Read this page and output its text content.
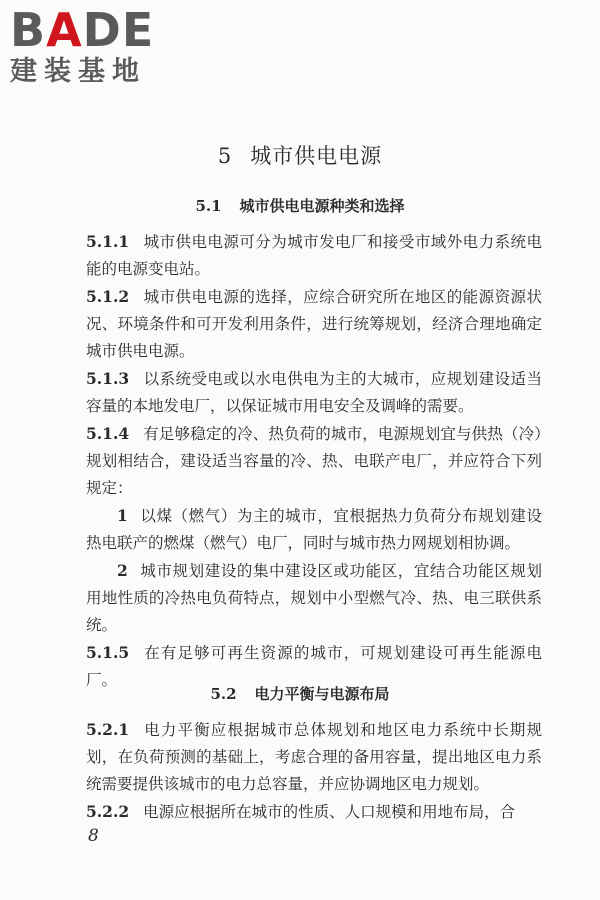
BADE
建装基地
5 城市供电电源
5.1 城市供电电源种类和选择

5.1.1 城市供电电源可分为城市发电厂和接受市域外电力系统电能的电源变电站。

5.1.2 城市供电电源的选择，应综合研究所在地区的能源资源状况、环境条件和可开发利用条件，进行统筹规划，经济合理地确定城市供电电源。

5.1.3 以系统受电或以水电供电为主的大城市，应规划建设适当容量的本地发电厂，以保证城市用电安全及调峰的需要。

5.1.4 有足够稳定的冷、热负荷的城市，电源规划宜与供热（冷）规划相结合，建设适当容量的冷、热、电联产电厂，并应符合下列规定：

1 以煤（燃气）为主的城市，宜根据热力负荷分布规划建设热电联产的燃煤（燃气）电厂，同时与城市热力网规划相协调。

2 城市规划建设的集中建设区或功能区，宜结合功能区规划用地性质的冷热电负荷特点，规划中小型燃气冷、热、电三联供系统。

5.1.5 在有足够可再生资源的城市，可规划建设可再生能源电厂。

5.2 电力平衡与电源布局

5.2.1 电力平衡应根据城市总体规划和地区电力系统中长期规划，在负荷预测的基础上，考虑合理的备用容量，提出地区电力系统需要提供该城市的电力总容量，并应协调地区电力规划。

5.2.2 电源应根据所在城市的性质、人口规模和用地布局，合

8
